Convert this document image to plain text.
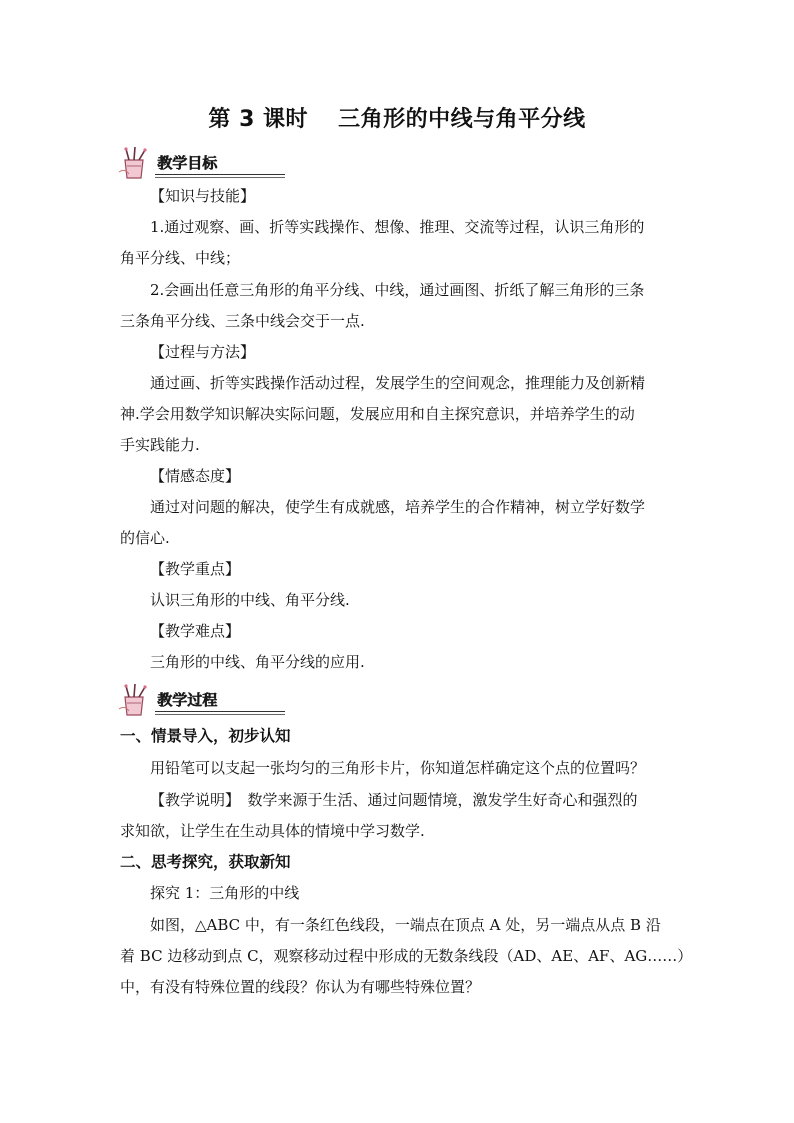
第 3 课时 三角形的中线与角平分线
教学目标
【知识与技能】
1.通过观察、画、折等实践操作、想像、推理、交流等过程，认识三角形的
角平分线、中线；
2.会画出任意三角形的角平分线、中线，通过画图、折纸了解三角形的三条
三条角平分线、三条中线会交于一点.
【过程与方法】
通过画、折等实践操作活动过程，发展学生的空间观念，推理能力及创新精
神.学会用数学知识解决实际问题，发展应用和自主探究意识，并培养学生的动
手实践能力.
【情感态度】
通过对问题的解决，使学生有成就感，培养学生的合作精神，树立学好数学
的信心.
【教学重点】
认识三角形的中线、角平分线.
【教学难点】
三角形的中线、角平分线的应用.
教学过程
一、情景导入，初步认知
用铅笔可以支起一张均匀的三角形卡片，你知道怎样确定这个点的位置吗？
【教学说明】　数学来源于生活、通过问题情境，激发学生好奇心和强烈的
求知欲，让学生在生动具体的情境中学习数学.
二、思考探究，获取新知
探究 1：三角形的中线
如图，△ABC 中，有一条红色线段，一端点在顶点 A 处，另一端点从点 B 沿
着 BC 边移动到点 C，观察移动过程中形成的无数条线段（AD、AE、AF、AG……）
中，有没有特殊位置的线段？你认为有哪些特殊位置？
